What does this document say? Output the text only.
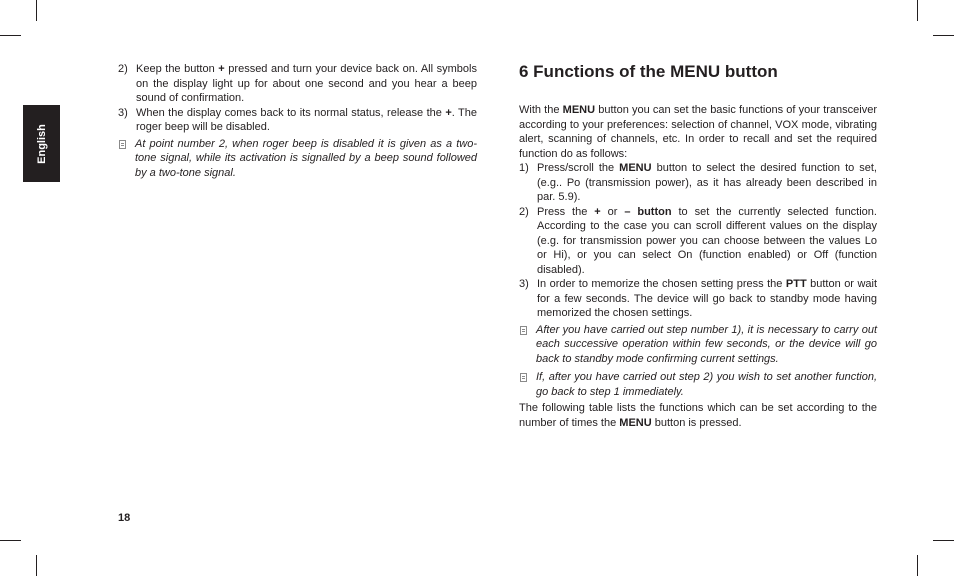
English
2) Keep the button + pressed and turn your device back on. All symbols on the display light up for about one second and you hear a beep sound of confirmation.
3) When the display comes back to its normal status, release the +. The roger beep will be disabled.
At point number 2, when roger beep is disabled it is given as a two-tone signal, while its activation is signalled by a beep sound followed by a two-tone signal.
6 Functions of the MENU button
With the MENU button you can set the basic functions of your transceiver according to your preferences: selection of channel, VOX mode, vibrating alert, scanning of channels, etc. In order to recall and set the required function do as follows:
1) Press/scroll the MENU button to select the desired function to set, (e.g.. Po (transmission power), as it has already been described in par. 5.9).
2) Press the + or – button to set the currently selected function. According to the case you can scroll different values on the display (e.g. for transmission power you can choose between the values Lo or Hi), or you can select On (function enabled) or Off (function disabled).
3) In order to memorize the chosen setting press the PTT button or wait for a few seconds. The device will go back to standby mode having memorized the chosen settings.
After you have carried out step number 1), it is necessary to carry out each successive operation within few seconds, or the device will go back to standby mode confirming current settings.
If, after you have carried out step 2) you wish to set another function, go back to step 1 immediately.
The following table lists the functions which can be set according to the number of times the MENU button is pressed.
18
